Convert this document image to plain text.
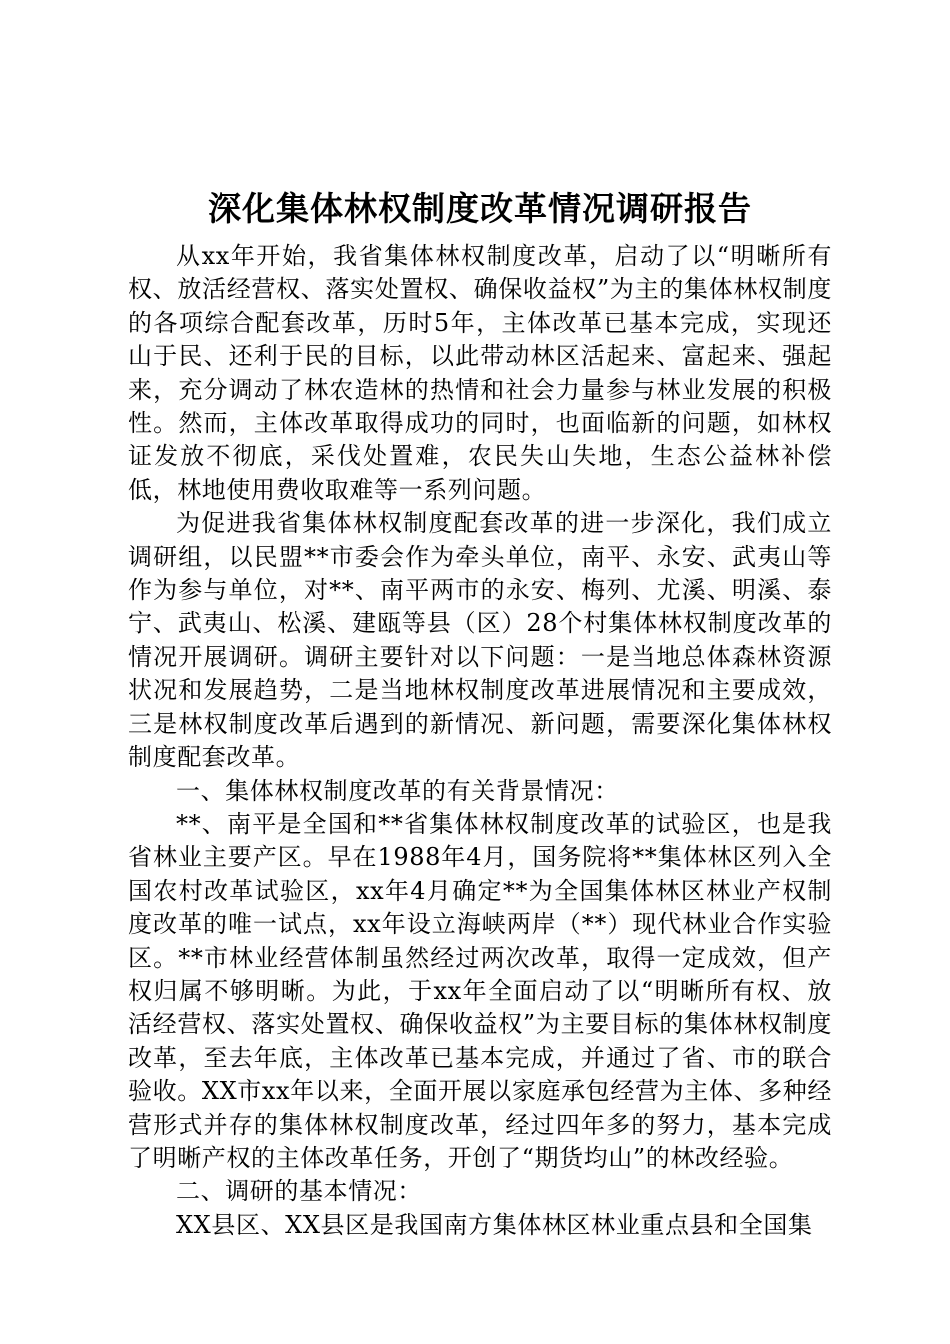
深化集体林权制度改革情况调研报告

从xx年开始，我省集体林权制度改革，启动了以“明晰所有权、放活经营权、落实处置权、确保收益权”为主的集体林权制度的各项综合配套改革，历时5年，主体改革已基本完成，实现还山于民、还利于民的目标，以此带动林区活起来、富起来、强起来，充分调动了林农造林的热情和社会力量参与林业发展的积极性。然而，主体改革取得成功的同时，也面临新的问题，如林权证发放不彻底，采伐处置难，农民失山失地，生态公益林补偿低，林地使用费收取难等一系列问题。

为促进我省集体林权制度配套改革的进一步深化，我们成立调研组，以民盟**市委会作为牵头单位，南平、永安、武夷山等作为参与单位，对**、南平两市的永安、梅列、尤溪、明溪、泰宁、武夷山、松溪、建瓯等县（区）28个村集体林权制度改革的情况开展调研。调研主要针对以下问题：一是当地总体森林资源状况和发展趋势，二是当地林权制度改革进展情况和主要成效，三是林权制度改革后遇到的新情况、新问题，需要深化集体林权制度配套改革。

一、集体林权制度改革的有关背景情况：

**、南平是全国和**省集体林权制度改革的试验区，也是我省林业主要产区。早在1988年4月，国务院将**集体林区列入全国农村改革试验区，xx年4月确定**为全国集体林区林业产权制度改革的唯一试点，xx年设立海峡两岸（**）现代林业合作实验区。**市林业经营体制虽然经过两次改革，取得一定成效，但产权归属不够明晰。为此，于xx年全面启动了以“明晰所有权、放活经营权、落实处置权、确保收益权”为主要目标的集体林权制度改革，至去年底，主体改革已基本完成，并通过了省、市的联合验收。XX市xx年以来，全面开展以家庭承包经营为主体、多种经营形式并存的集体林权制度改革，经过四年多的努力，基本完成了明晰产权的主体改革任务，开创了“期货均山”的林改经验。

二、调研的基本情况：

XX县区、XX县区是我国南方集体林区林业重点县和全国集
